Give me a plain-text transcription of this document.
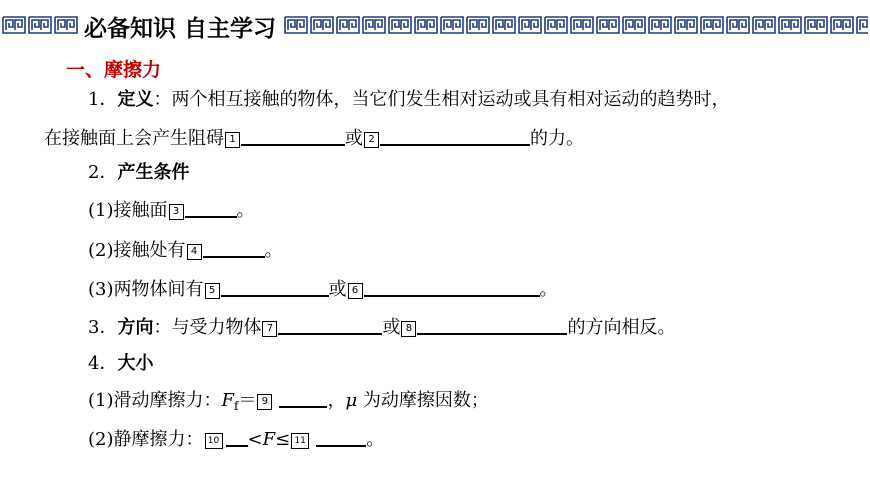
必备知识 自主学习
一、摩擦力
1．定义：两个相互接触的物体，当它们发生相对运动或具有相对运动的趋势时，
在接触面上会产生阻碍 1	或 2	的力。
2．产生条件
(1)接触面 3	。
(2)接触处有 4	。
(3)两物体间有 5	或 6	。
3．方向：与受力物体 7	或 8	的方向相反。
4．大小
(1)滑动摩擦力：$F_f= 9$	，μ 为动摩擦因数；
(2)静摩擦力： 10 <F≤ 11	。
